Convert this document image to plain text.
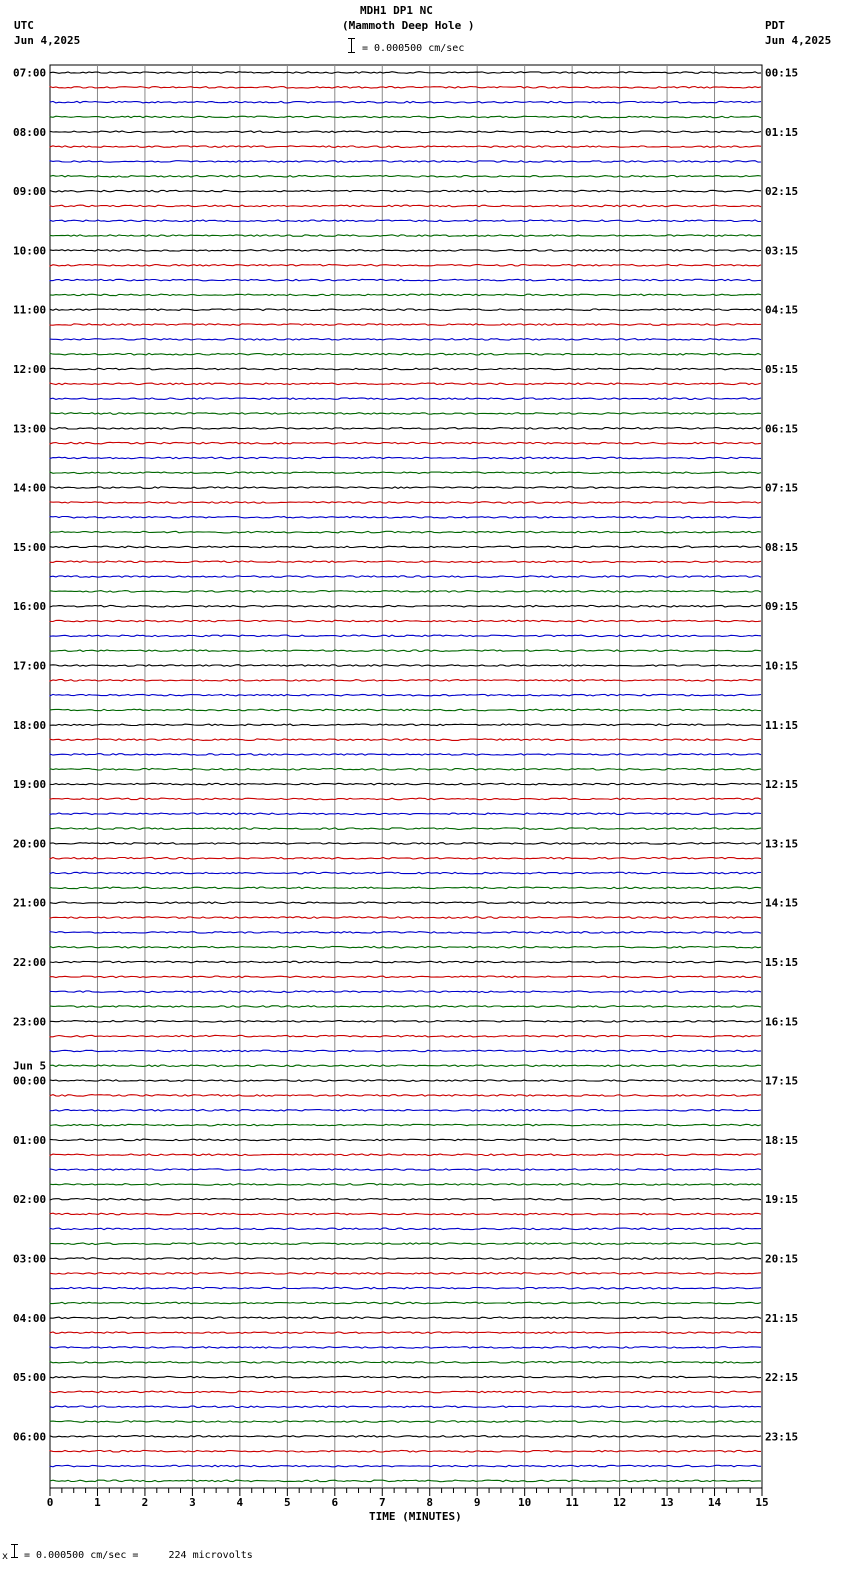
07:00
08:00
09:00
10:00
11:00
12:00
13:00
14:00
15:00
16:00
17:00
18:00
19:00
20:00
21:00
22:00
23:00
00:00
01:00
02:00
03:00
04:00
05:00
06:00
00:15
01:15
02:15
03:15
04:15
05:15
06:15
07:15
08:15
09:15
10:15
11:15
12:15
13:15
14:15
15:15
16:15
17:15
18:15
19:15
20:15
21:15
22:15
23:15
Jun 5
0	1	2	3	4	5	6	7	8	9	10	11	12	13	14	15
MDH1 DP1 NC
(Mammoth Deep Hole )
= 0.000500 cm/sec
UTC
Jun 4,2025
PDT
Jun 4,2025
TIME (MINUTES)
x = 0.000500 cm/sec =     224 microvolts
